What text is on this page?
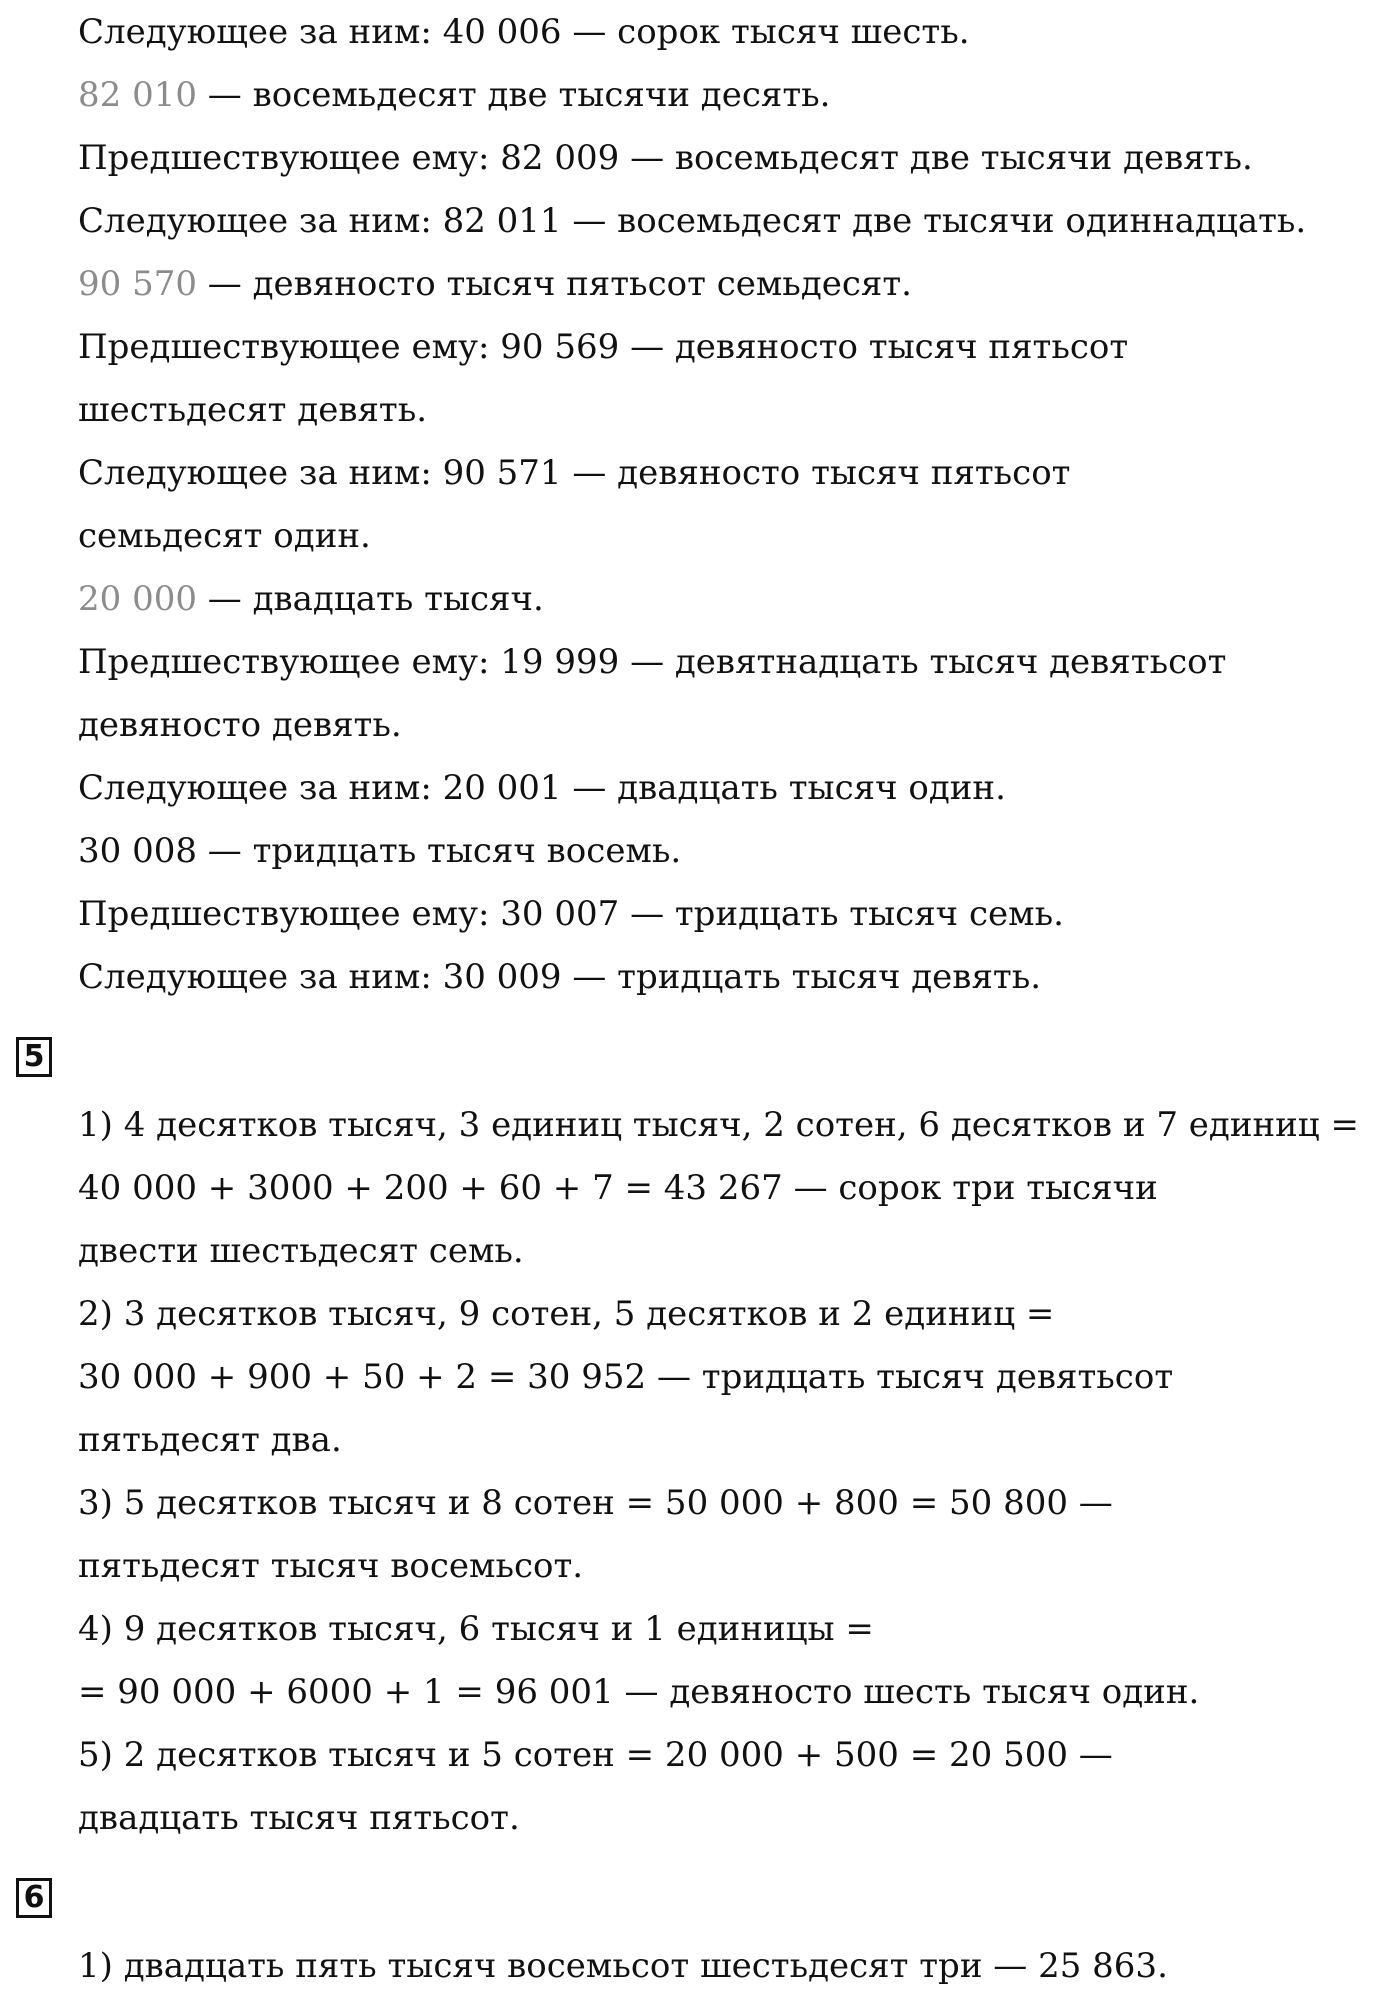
Следующее за ним: 40 006 — сорок тысяч шесть.
82 010 — восемьдесят две тысячи десять.
Предшествующее ему: 82 009 — восемьдесят две тысячи девять.
Следующее за ним: 82 011 — восемьдесят две тысячи одиннадцать.
90 570 — девяносто тысяч пятьсот семьдесят.
Предшествующее ему: 90 569 — девяносто тысяч пятьсот
шестьдесят девять.
Следующее за ним: 90 571 — девяносто тысяч пятьсот
семьдесят один.
20 000 — двадцать тысяч.
Предшествующее ему: 19 999 — девятнадцать тысяч девятьсот
девяносто девять.
Следующее за ним: 20 001 — двадцать тысяч один.
30 008 — тридцать тысяч восемь.
Предшествующее ему: 30 007 — тридцать тысяч семь.
Следующее за ним: 30 009 — тридцать тысяч девять.
5
1) 4 десятков тысяч, 3 единиц тысяч, 2 сотен, 6 десятков и 7 единиц =
40 000 + 3000 + 200 + 60 + 7 = 43 267 — сорок три тысячи
двести шестьдесят семь.
2) 3 десятков тысяч, 9 сотен, 5 десятков и 2 единиц =
30 000 + 900 + 50 + 2 = 30 952 — тридцать тысяч девятьсот
пятьдесят два.
3) 5 десятков тысяч и 8 сотен = 50 000 + 800 = 50 800 —
пятьдесят тысяч восемьсот.
4) 9 десятков тысяч, 6 тысяч и 1 единицы =
= 90 000 + 6000 + 1 = 96 001 — девяносто шесть тысяч один.
5) 2 десятков тысяч и 5 сотен = 20 000 + 500 = 20 500 —
двадцать тысяч пятьсот.
6
1) двадцать пять тысяч восемьсот шестьдесят три — 25 863.
